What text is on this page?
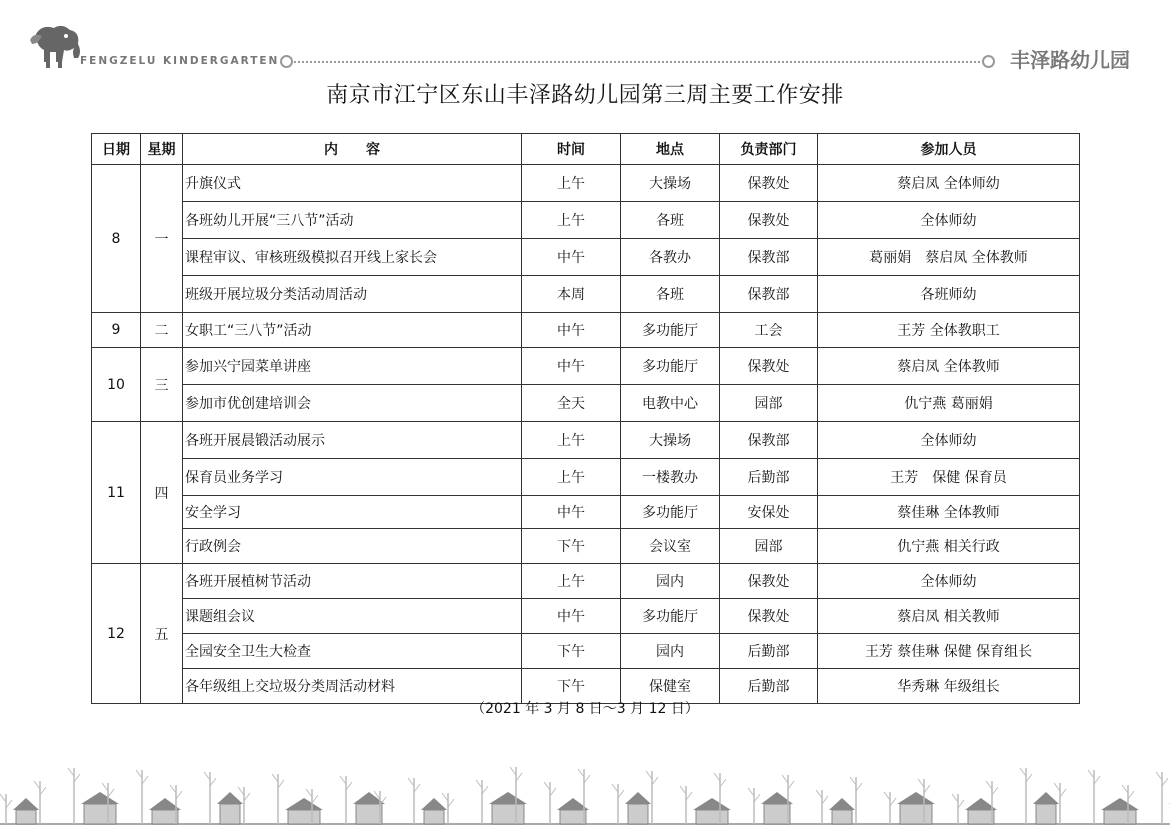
FENGZELU KINDERGARTEN	丰泽路幼儿园
南京市江宁区东山丰泽路幼儿园第三周主要工作安排
日期	星期	内　　容	时间	地点	负责部门	参加人员
8	一	升旗仪式	上午	大操场	保教处	蔡启凤 全体师幼
		各班幼儿开展“三八节”活动	上午	各班	保教处	全体师幼
		课程审议、审核班级模拟召开线上家长会	中午	各教办	保教部	葛丽娟　蔡启凤 全体教师
		班级开展垃圾分类活动周活动	本周	各班	保教部	各班师幼
9	二	女职工“三八节”活动	中午	多功能厅	工会	王芳 全体教职工
10	三	参加兴宁园菜单讲座	中午	多功能厅	保教处	蔡启凤 全体教师
		参加市优创建培训会	全天	电教中心	园部	仇宁燕 葛丽娟
11	四	各班开展晨锻活动展示	上午	大操场	保教部	全体师幼
		保育员业务学习	上午	一楼教办	后勤部	王芳　保健 保育员
		安全学习	中午	多功能厅	安保处	蔡佳琳 全体教师
		行政例会	下午	会议室	园部	仇宁燕 相关行政
12	五	各班开展植树节活动	上午	园内	保教处	全体师幼
		课题组会议	中午	多功能厅	保教处	蔡启凤 相关教师
		全园安全卫生大检查	下午	园内	后勤部	王芳 蔡佳琳 保健 保育组长
		各年级组上交垃圾分类周活动材料	下午	保健室	后勤部	华秀琳 年级组长
（2021 年 3 月 8 日～3 月 12 日）
